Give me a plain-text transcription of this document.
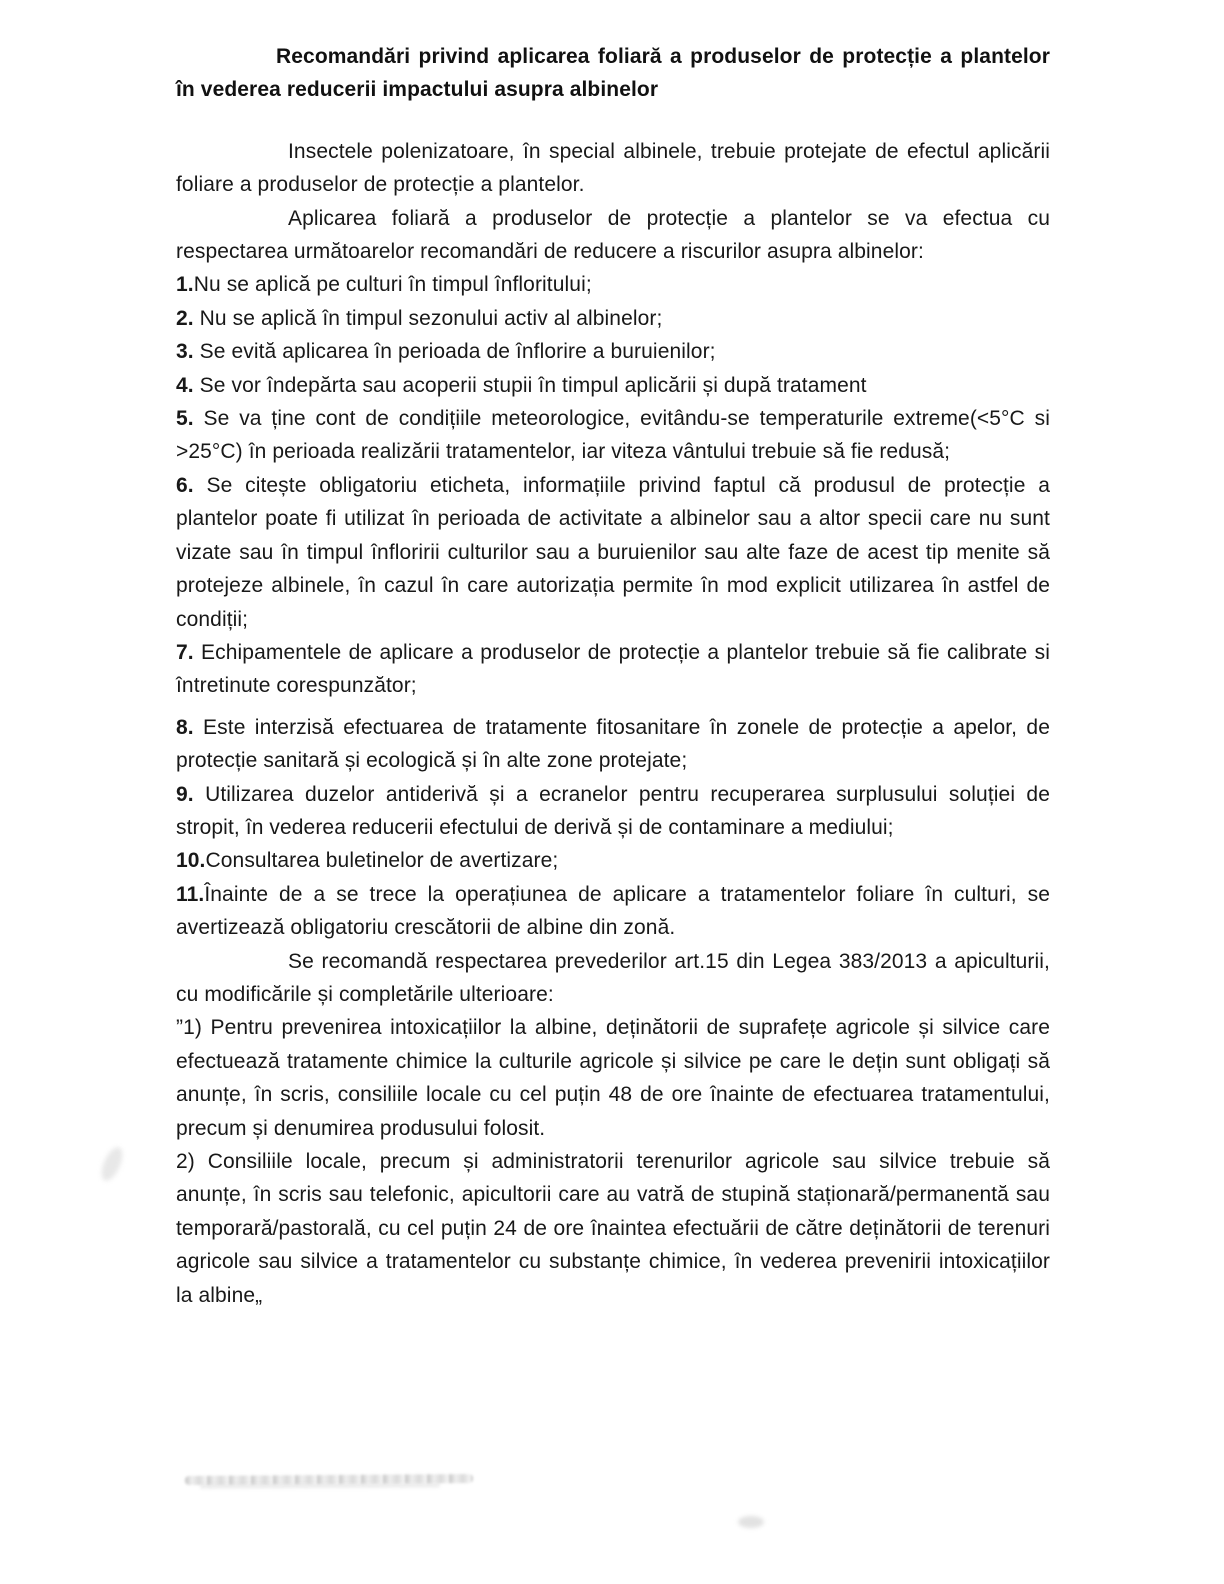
Recomandări privind aplicarea foliară a produselor de protecție a plantelor în vederea reducerii impactului asupra albinelor

Insectele polenizatoare, în special albinele, trebuie protejate de efectul aplicării foliare a produselor de protecție a plantelor.

Aplicarea foliară a produselor de protecție a plantelor se va efectua cu respectarea următoarelor recomandări de reducere a riscurilor asupra albinelor:

1.Nu se aplică pe culturi în timpul înfloritului;

2. Nu se aplică în timpul sezonului activ al albinelor;

3. Se evită aplicarea în perioada de înflorire a buruienilor;

4. Se vor îndepărta sau acoperii stupii în timpul aplicării și după tratament

5. Se va ține cont de condițiile meteorologice, evitându-se temperaturile extreme(<5°C si >25°C) în perioada realizării tratamentelor, iar viteza vântului trebuie să fie redusă;

6. Se citește obligatoriu eticheta, informațiile privind faptul că produsul de protecție a plantelor poate fi utilizat în perioada de activitate a albinelor sau a altor specii care nu sunt vizate sau în timpul înfloririi culturilor sau a buruienilor sau alte faze de acest tip menite să protejeze albinele, în cazul în care autorizația permite în mod explicit utilizarea în astfel de condiții;

7. Echipamentele de aplicare a produselor de protecție a plantelor trebuie să fie calibrate si întretinute corespunzător;

8. Este interzisă efectuarea de tratamente fitosanitare în zonele de protecție a apelor, de protecție sanitară și ecologică și în alte zone protejate;

9. Utilizarea duzelor antiderivă și a ecranelor pentru recuperarea surplusului soluției de stropit, în vederea reducerii efectului de derivă și de contaminare a mediului;

10.Consultarea buletinelor de avertizare;

11.Înainte de a se trece la operațiunea de aplicare a tratamentelor foliare în culturi, se avertizează obligatoriu crescătorii de albine din zonă.

Se recomandă respectarea prevederilor art.15 din Legea 383/2013 a apiculturii, cu modificările și completările ulterioare:

”1) Pentru prevenirea intoxicațiilor la albine, deținătorii de suprafețe agricole și silvice care efectuează tratamente chimice la culturile agricole și silvice pe care le dețin sunt obligați să anunțe, în scris, consiliile locale cu cel puțin 48 de ore înainte de efectuarea tratamentului, precum și denumirea produsului folosit.

2) Consiliile locale, precum și administratorii terenurilor agricole sau silvice trebuie să anunțe, în scris sau telefonic, apicultorii care au vatră de stupină staționară/permanentă sau temporară/pastorală, cu cel puțin 24 de ore înaintea efectuării de către deținătorii de terenuri agricole sau silvice a tratamentelor cu substanțe chimice, în vederea prevenirii intoxicațiilor la albine„
